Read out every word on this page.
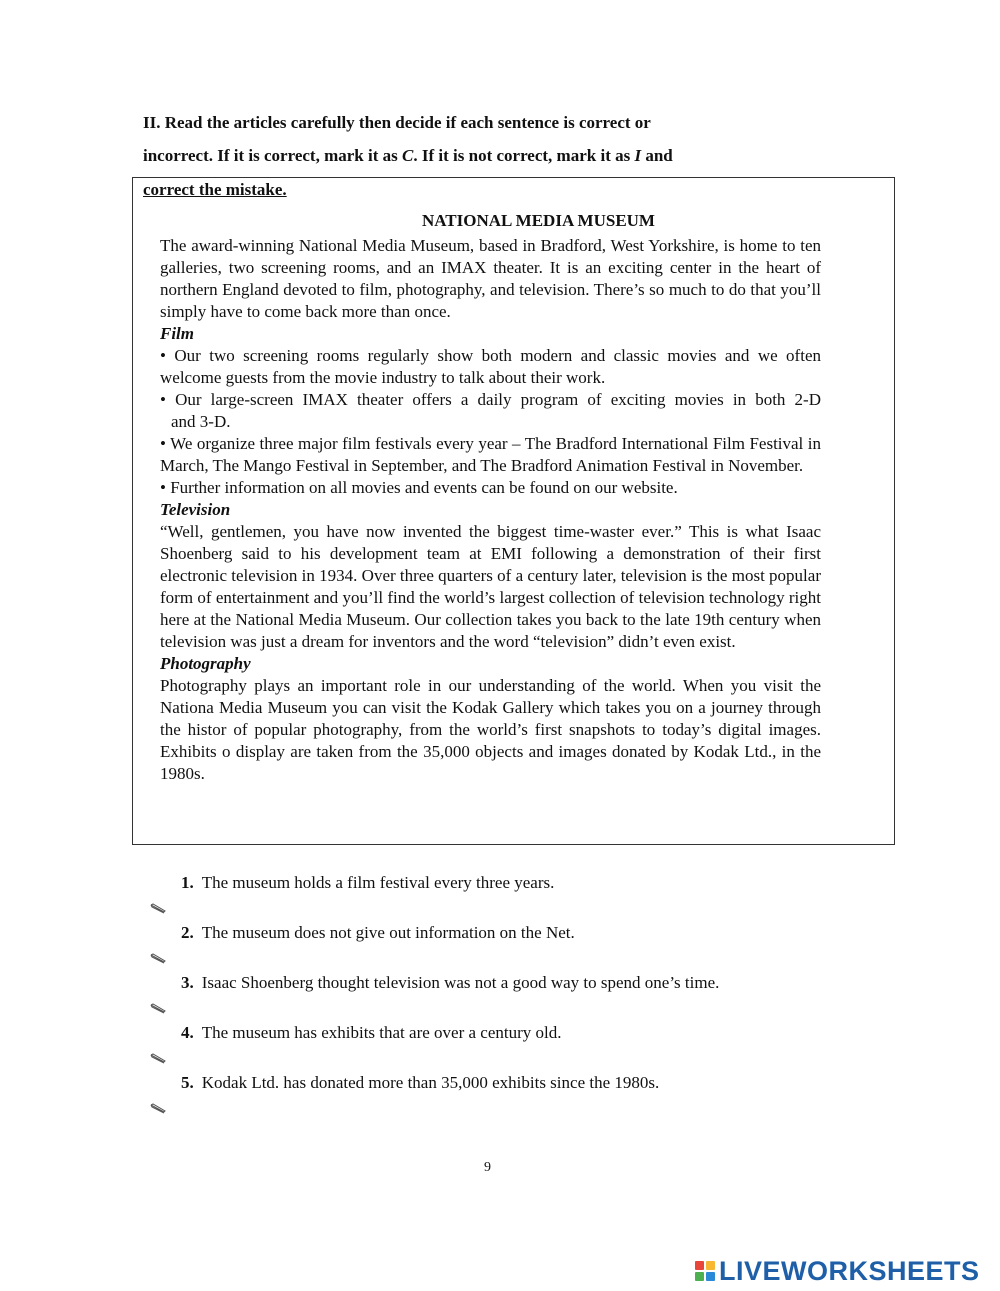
II. Read the articles carefully then decide if each sentence is correct or
incorrect. If it is correct, mark it as C. If it is not correct, mark it as I and
correct the mistake.
NATIONAL MEDIA MUSEUM

The award-winning National Media Museum, based in Bradford, West Yorkshire, is home to ten galleries, two screening rooms, and an IMAX theater. It is an exciting center in the heart of northern England devoted to film, photography, and television. There’s so much to do that you’ll simply have to come back more than once.

Film

• Our two screening rooms regularly show both modern and classic movies and we often welcome guests from the movie industry to talk about their work.

• Our large-screen IMAX theater offers a daily program of exciting movies in both 2-D

and 3-D.

• We organize three major film festivals every year – The Bradford International Film Festival in March, The Mango Festival in September, and The Bradford Animation Festival in November.

• Further information on all movies and events can be found on our website.

Television

“Well, gentlemen, you have now invented the biggest time-waster ever.” This is what Isaac Shoenberg said to his development team at EMI following a demonstration of their first electronic television in 1934. Over three quarters of a century later, television is the most popular form of entertainment and you’ll find the world’s largest collection of television technology right here at the National Media Museum. Our collection takes you back to the late 19th century when television was just a dream for inventors and the word “television” didn’t even exist.

Photography

Photography plays an important role in our understanding of the world. When you visit the Nationa Media Museum you can visit the Kodak Gallery which takes you on a journey through the histor of popular photography, from the world’s first snapshots to today’s digital images. Exhibits o display are taken from the 35,000 objects and images donated by Kodak Ltd., in the 1980s.

1. The museum holds a film festival every three years.
2. The museum does not give out information on the Net.
3. Isaac Shoenberg thought television was not a good way to spend one’s time.
4. The museum has exhibits that are over a century old.
5. Kodak Ltd. has donated more than 35,000 exhibits since the 1980s.
9
LIVEWORKSHEETS
